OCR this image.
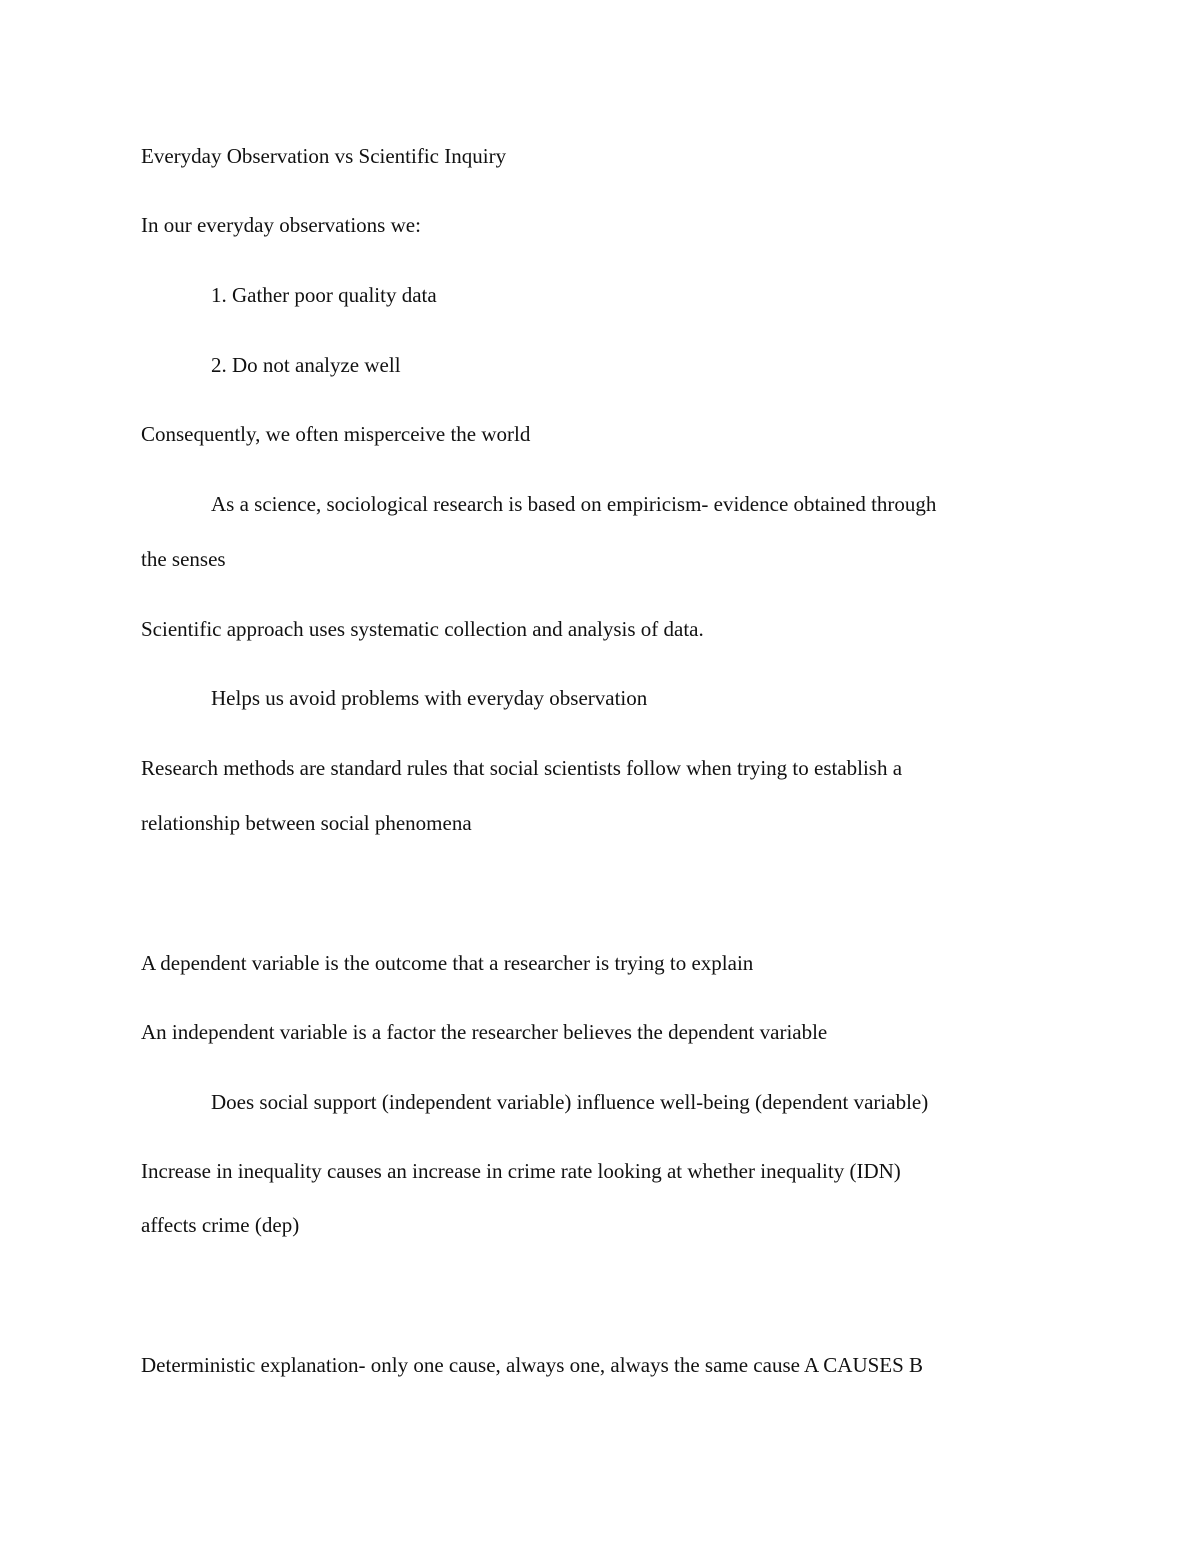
Everyday Observation vs Scientific Inquiry
In our everyday observations we:
1. Gather poor quality data
2. Do not analyze well
Consequently, we often misperceive the world
As a science, sociological research is based on empiricism- evidence obtained through
the senses
Scientific approach uses systematic collection and analysis of data.
Helps us avoid problems with everyday observation
Research methods are standard rules that social scientists follow when trying to establish a
relationship between social phenomena
A dependent variable is the outcome that a researcher is trying to explain
An independent variable is a factor the researcher believes the dependent variable
Does social support (independent variable) influence well-being (dependent variable)
Increase in inequality causes an increase in crime rate looking at whether inequality (IDN)
affects crime (dep)
Deterministic explanation- only one cause, always one, always the same cause A CAUSES B
